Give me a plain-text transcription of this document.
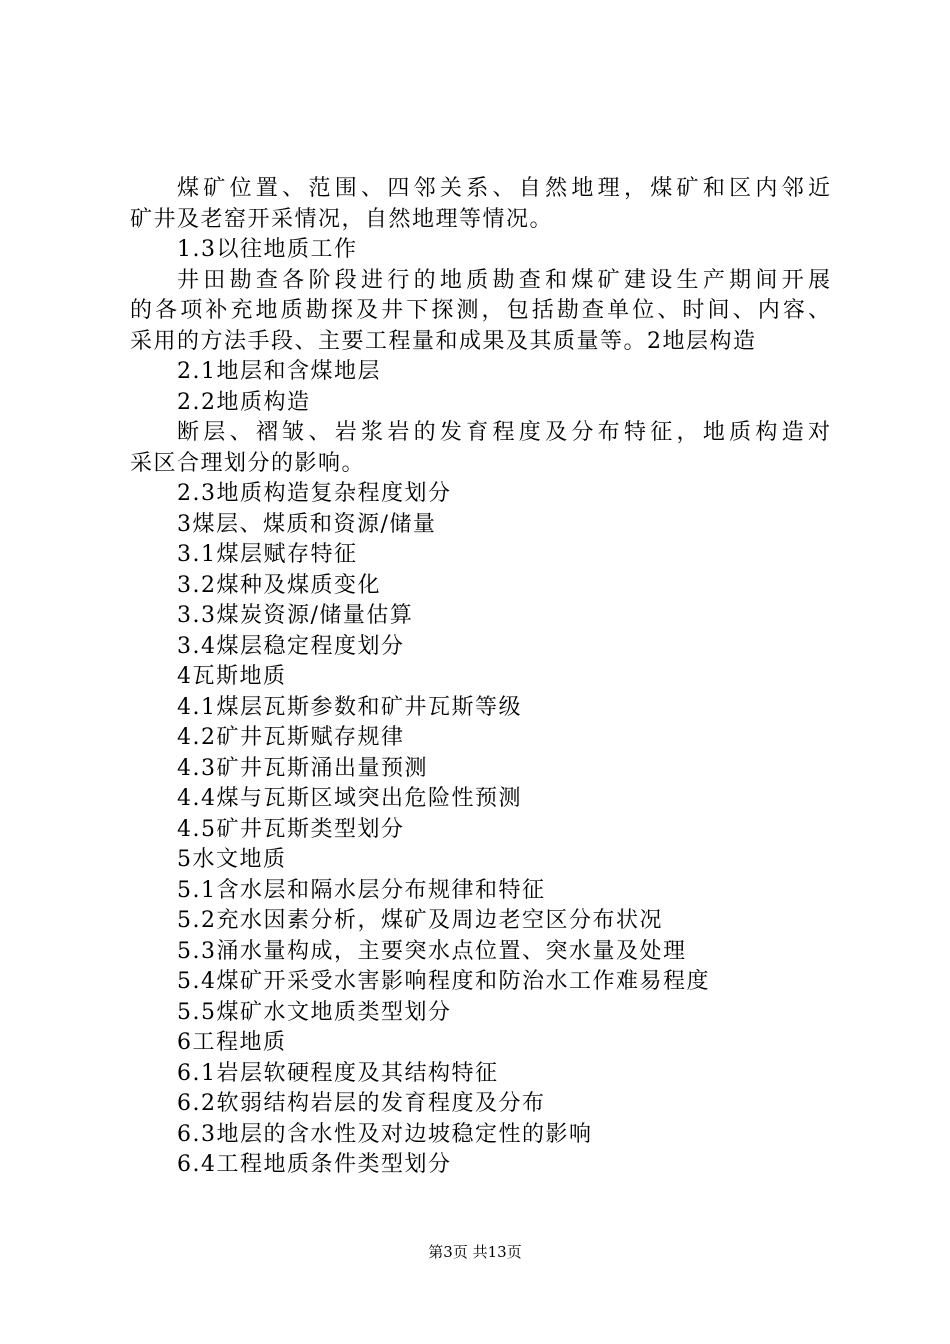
煤矿位置、范围、四邻关系、自然地理，煤矿和区内邻近
矿井及老窑开采情况，自然地理等情况。
1.3以往地质工作
井田勘查各阶段进行的地质勘查和煤矿建设生产期间开展
的各项补充地质勘探及井下探测，包括勘查单位、时间、内容、
采用的方法手段、主要工程量和成果及其质量等。2地层构造
2.1地层和含煤地层
2.2地质构造
断层、褶皱、岩浆岩的发育程度及分布特征，地质构造对
采区合理划分的影响。
2.3地质构造复杂程度划分
3煤层、煤质和资源/储量
3.1煤层赋存特征
3.2煤种及煤质变化
3.3煤炭资源/储量估算
3.4煤层稳定程度划分
4瓦斯地质
4.1煤层瓦斯参数和矿井瓦斯等级
4.2矿井瓦斯赋存规律
4.3矿井瓦斯涌出量预测
4.4煤与瓦斯区域突出危险性预测
4.5矿井瓦斯类型划分
5水文地质
5.1含水层和隔水层分布规律和特征
5.2充水因素分析，煤矿及周边老空区分布状况
5.3涌水量构成，主要突水点位置、突水量及处理
5.4煤矿开采受水害影响程度和防治水工作难易程度
5.5煤矿水文地质类型划分
6工程地质
6.1岩层软硬程度及其结构特征
6.2软弱结构岩层的发育程度及分布
6.3地层的含水性及对边坡稳定性的影响
6.4工程地质条件类型划分
第3页 共13页
